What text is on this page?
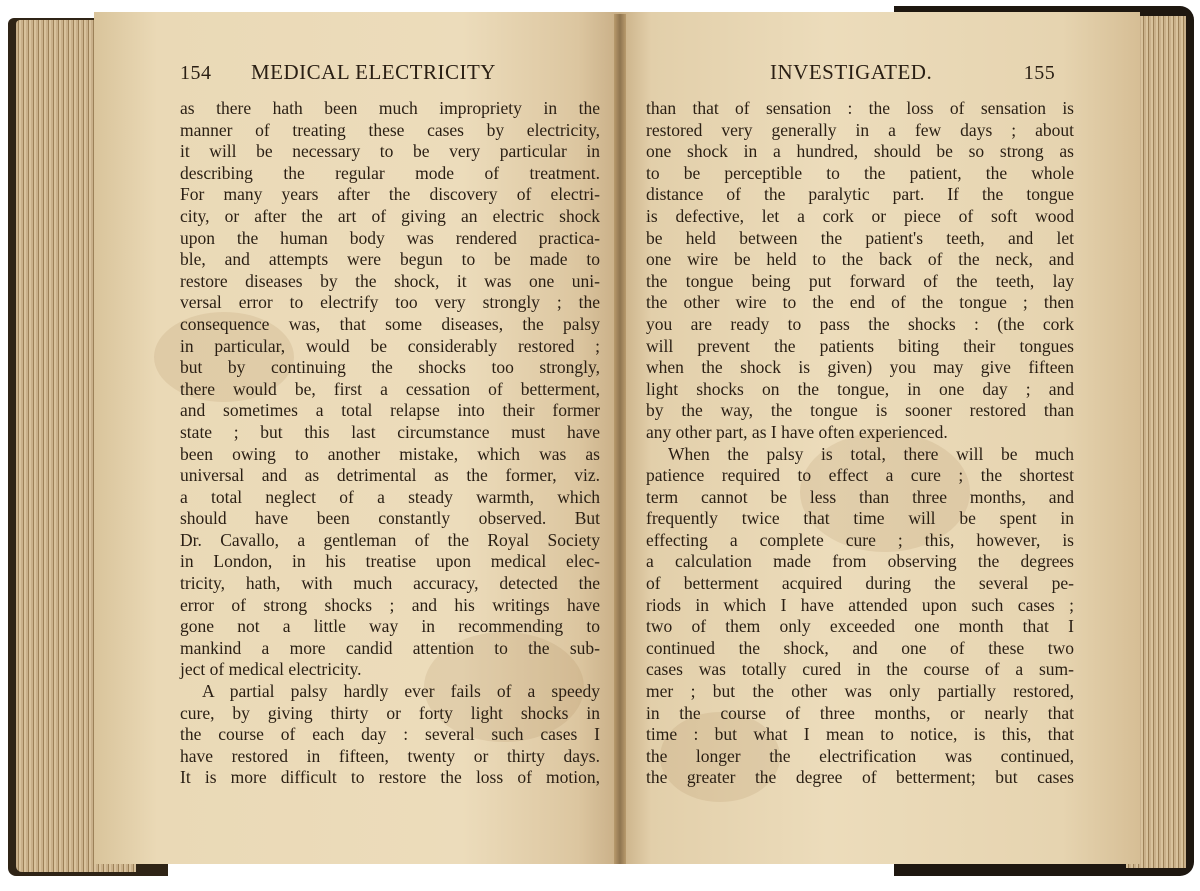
154 MEDICAL ELECTRICITY
as there hath been much impropriety in the
manner of treating these cases by electricity,
it will be necessary to be very particular in
describing the regular mode of treatment.
For many years after the discovery of electri-
city, or after the art of giving an electric shock
upon the human body was rendered practica-
ble, and attempts were begun to be made to
restore diseases by the shock, it was one uni-
versal error to electrify too very strongly ; the
consequence was, that some diseases, the palsy
in particular, would be considerably restored ;
but by continuing the shocks too strongly,
there would be, first a cessation of betterment,
and sometimes a total relapse into their former
state ; but this last circumstance must have
been owing to another mistake, which was as
universal and as detrimental as the former, viz.
a total neglect of a steady warmth, which
should have been constantly observed. But
Dr. Cavallo, a gentleman of the Royal Society
in London, in his treatise upon medical elec-
tricity, hath, with much accuracy, detected the
error of strong shocks ; and his writings have
gone not a little way in recommending to
mankind a more candid attention to the sub-
ject of medical electricity.
A partial palsy hardly ever fails of a speedy
cure, by giving thirty or forty light shocks in
the course of each day : several such cases I
have restored in fifteen, twenty or thirty days.
It is more difficult to restore the loss of motion,
INVESTIGATED.	155
than that of sensation : the loss of sensation is
restored very generally in a few days ; about
one shock in a hundred, should be so strong as
to be perceptible to the patient, the whole
distance of the paralytic part. If the tongue
is defective, let a cork or piece of soft wood
be held between the patient's teeth, and let
one wire be held to the back of the neck, and
the tongue being put forward of the teeth, lay
the other wire to the end of the tongue ; then
you are ready to pass the shocks : (the cork
will prevent the patients biting their tongues
when the shock is given) you may give fifteen
light shocks on the tongue, in one day ; and
by the way, the tongue is sooner restored than
any other part, as I have often experienced.
When the palsy is total, there will be much
patience required to effect a cure ; the shortest
term cannot be less than three months, and
frequently twice that time will be spent in
effecting a complete cure ; this, however, is
a calculation made from observing the degrees
of betterment acquired during the several pe-
riods in which I have attended upon such cases ;
two of them only exceeded one month that I
continued the shock, and one of these two
cases was totally cured in the course of a sum-
mer ; but the other was only partially restored,
in the course of three months, or nearly that
time : but what I mean to notice, is this, that
the longer the electrification was continued,
the greater the degree of betterment; but cases
